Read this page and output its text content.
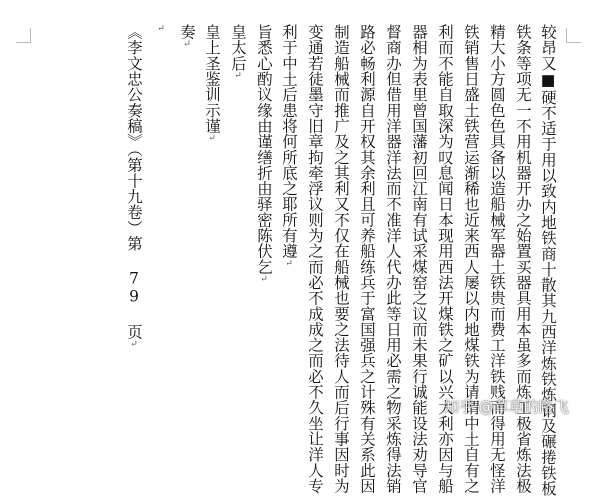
较昂又■硬不适于用以致内地铁商十散其九西洋炼铁炼钢及碾捲铁板
铁条等项无一不用机器开办之始置买器具用本虽多而炼工极省炼法极
精大小方圆色色具备以造船械军器土铁贵而费工洋铁贱而得用无怪洋
铁销售日盛土铁营运渐稀也近来西人屡以内地煤铁为请谓中土自有之
利而不能自取深为叹息闻日本现用西法开煤铁之矿以兴大利亦因与船
器相为表里曾国藩初回江南有试采煤窑之议而未果行诚能设法劝导官
督商办但借用洋器洋法而不准洋人代办此等日用必需之物采炼得法销
路必畅利源自开权其余利且可养船练兵于富国强兵之计殊有关系此因
制造船械而推广及之其利又不仅在船械也要之法待人而后行事因时为
变通若徒墨守旧章拘牵浮议则为之而必不成成之而必不久坐让洋人专
利于中土后患将何所底之耶所有遵↵
旨悉心酌议缘由谨缮折由驿密陈伏乞↵
皇太后↵
皇上圣鉴训示谨↵
奏↵
↵
《李文忠公奏稿》（第十九卷）第 79 页↵
知乎 @草草的路飞
